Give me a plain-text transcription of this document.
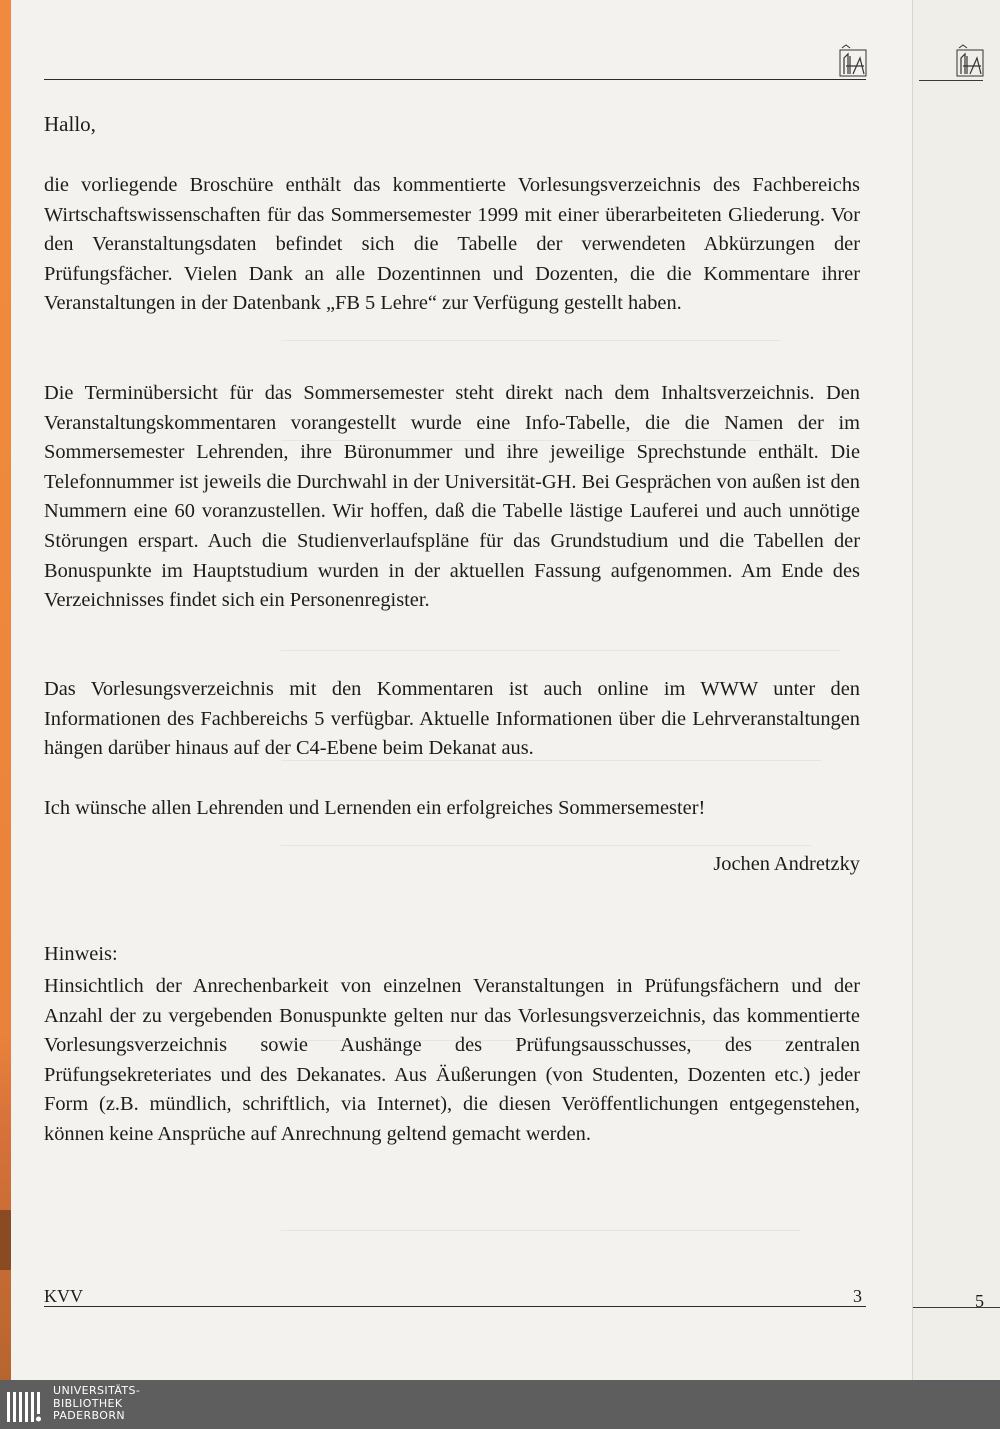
5
Hallo,

die vorliegende Broschüre enthält das kommentierte Vorlesungsverzeichnis des Fachbereichs Wirtschaftswissenschaften für das Sommersemester 1999 mit einer überarbeiteten Gliederung. Vor den Veranstaltungsdaten befindet sich die Tabelle der verwendeten Abkürzungen der Prüfungsfächer. Vielen Dank an alle Dozentinnen und Dozenten, die die Kommentare ihrer Veranstaltungen in der Datenbank „FB 5 Lehre“ zur Verfügung gestellt haben.

Die Terminübersicht für das Sommersemester steht direkt nach dem Inhaltsverzeichnis. Den Veranstaltungskommentaren vorangestellt wurde eine Info-Tabelle, die die Namen der im Sommersemester Lehrenden, ihre Büronummer und ihre jeweilige Sprechstunde enthält. Die Telefonnummer ist jeweils die Durchwahl in der Universität-GH. Bei Gesprächen von außen ist den Nummern eine 60 voranzustellen. Wir hoffen, daß die Tabelle lästige Lauferei und auch unnötige Störungen erspart. Auch die Studienverlaufspläne für das Grundstudium und die Tabellen der Bonuspunkte im Hauptstudium wurden in der aktuellen Fassung aufgenommen. Am Ende des Verzeichnisses findet sich ein Personenregister.

Das Vorlesungsverzeichnis mit den Kommentaren ist auch online im WWW unter den Informationen des Fachbereichs 5 verfügbar. Aktuelle Informationen über die Lehrveranstaltungen hängen darüber hinaus auf der C4-Ebene beim Dekanat aus.

Ich wünsche allen Lehrenden und Lernenden ein erfolgreiches Sommersemester!

Jochen Andretzky
Hinweis:

Hinsichtlich der Anrechenbarkeit von einzelnen Veranstaltungen in Prüfungsfächern und der Anzahl der zu vergebenden Bonuspunkte gelten nur das Vorlesungsverzeichnis, das kommentierte Vorlesungsverzeichnis sowie Aushänge des Prüfungsausschusses, des zentralen Prüfungsekreteriates und des Dekanates. Aus Äußerungen (von Studenten, Dozenten etc.) jeder Form (z.B. mündlich, schriftlich, via Internet), die diesen Veröffentlichungen entgegenstehen, können keine Ansprüche auf Anrechnung geltend gemacht werden.

KVV	3
UNIVERSITÄTS-
BIBLIOTHEK
PADERBORN
